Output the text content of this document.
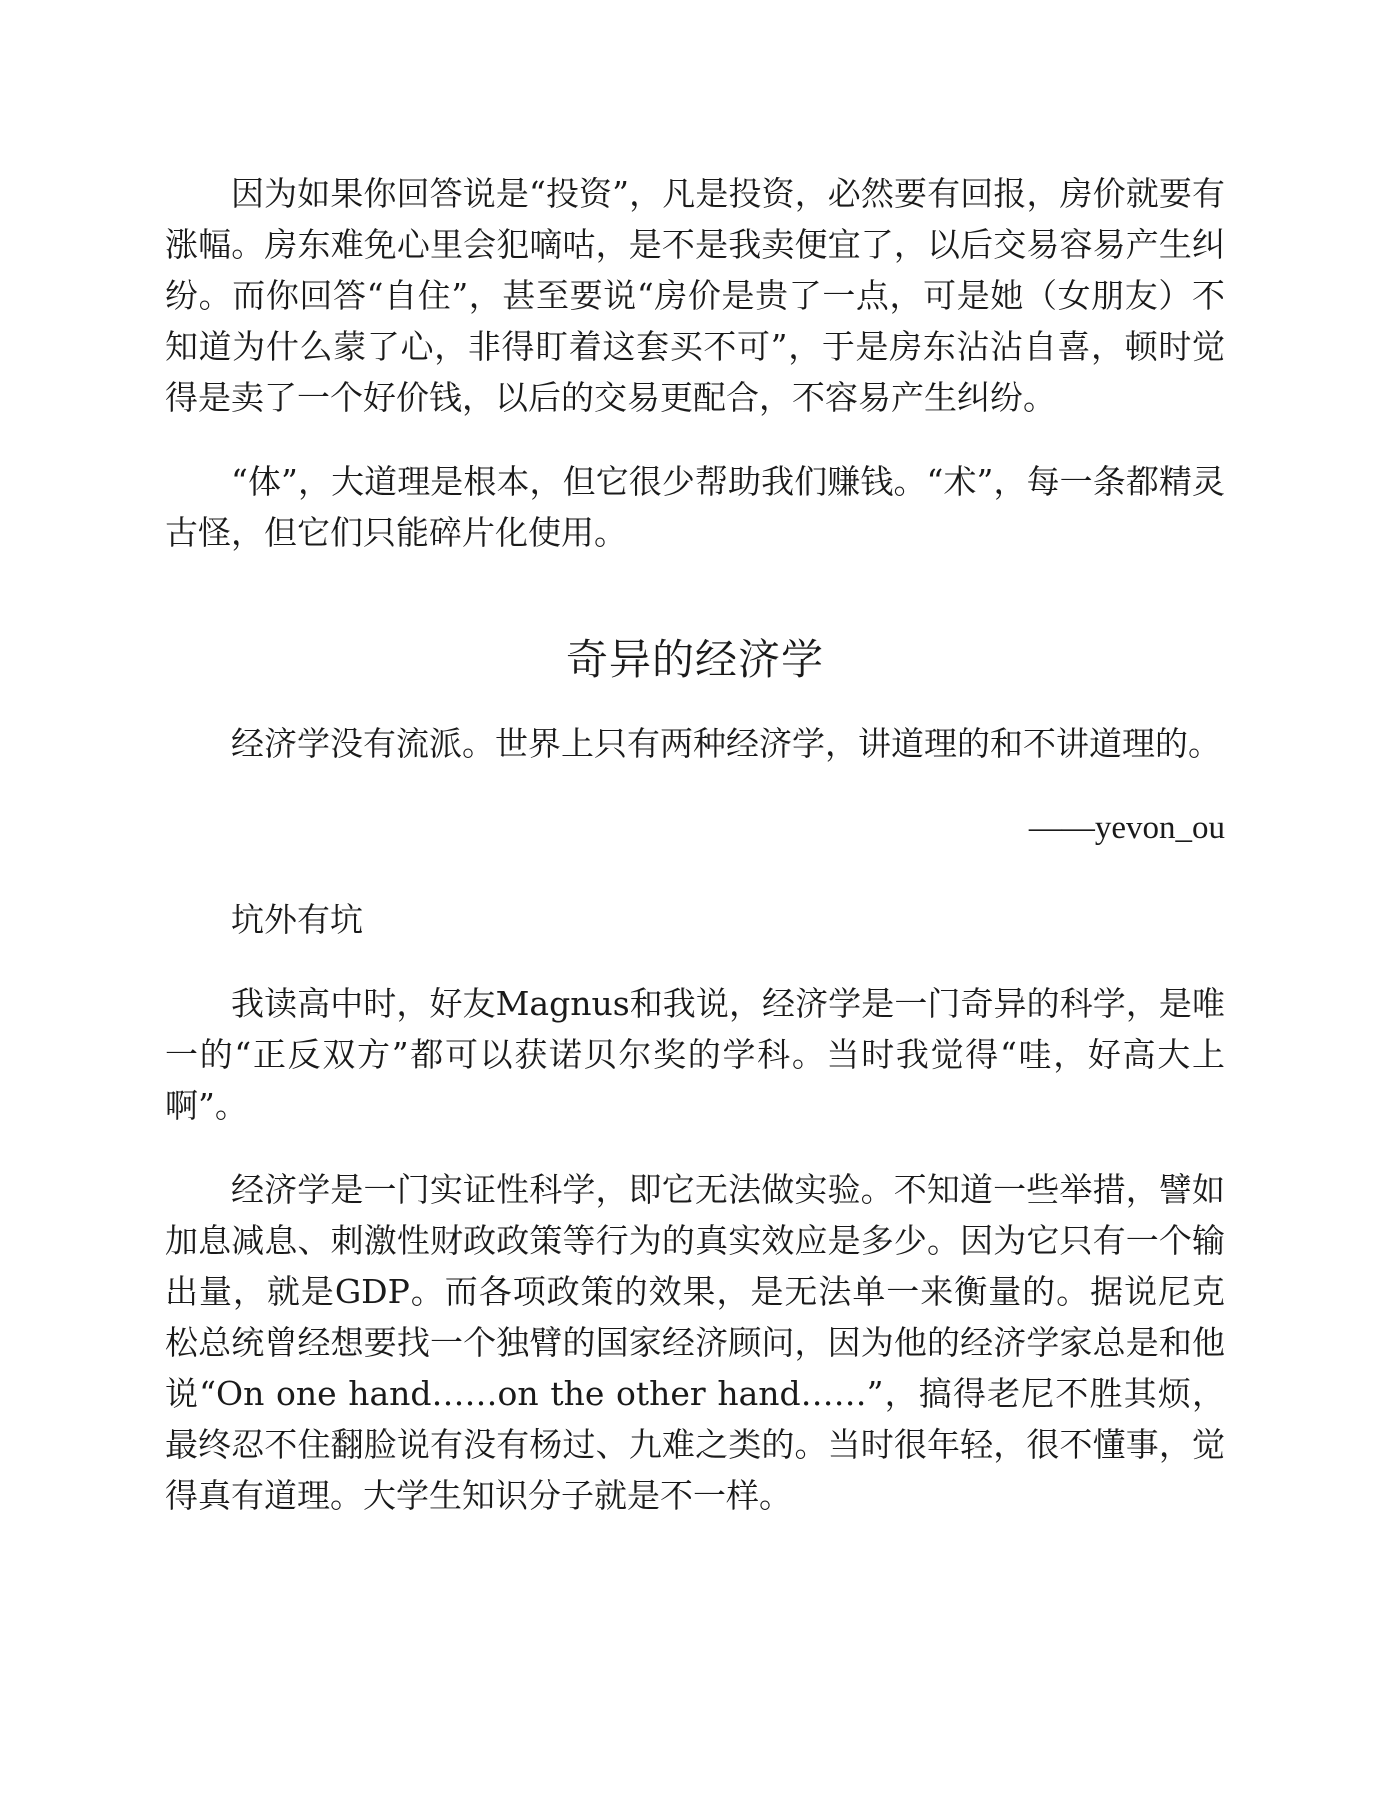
因为如果你回答说是“投资”，凡是投资，必然要有回报，房价就要有涨幅。房东难免心里会犯嘀咕，是不是我卖便宜了，以后交易容易产生纠纷。而你回答“自住”，甚至要说“房价是贵了一点，可是她（女朋友）不知道为什么蒙了心，非得盯着这套买不可”，于是房东沾沾自喜，顿时觉得是卖了一个好价钱，以后的交易更配合，不容易产生纠纷。

“体”，大道理是根本，但它很少帮助我们赚钱。“术”，每一条都精灵古怪，但它们只能碎片化使用。

奇异的经济学

经济学没有流派。世界上只有两种经济学，讲道理的和不讲道理的。

——yevon_ou

坑外有坑

我读高中时，好友Magnus和我说，经济学是一门奇异的科学，是唯一的“正反双方”都可以获诺贝尔奖的学科。当时我觉得“哇，好高大上啊”。

经济学是一门实证性科学，即它无法做实验。不知道一些举措，譬如加息减息、刺激性财政政策等行为的真实效应是多少。因为它只有一个输出量，就是GDP。而各项政策的效果，是无法单一来衡量的。据说尼克松总统曾经想要找一个独臂的国家经济顾问，因为他的经济学家总是和他说“On one hand……on the other hand……”，搞得老尼不胜其烦，最终忍不住翻脸说有没有杨过、九难之类的。当时很年轻，很不懂事，觉得真有道理。大学生知识分子就是不一样。
